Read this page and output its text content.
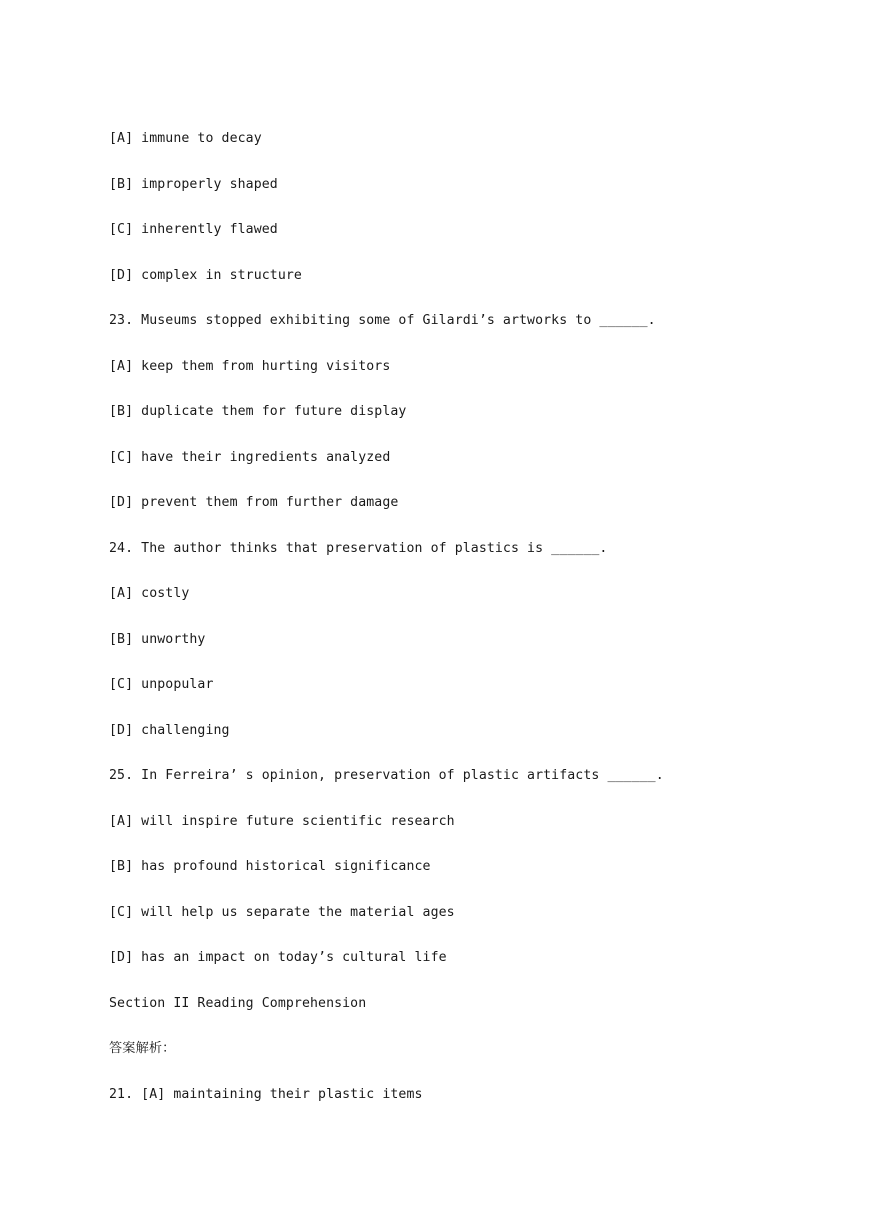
[A] immune to decay
[B] improperly shaped
[C] inherently flawed
[D] complex in structure
23. Museums stopped exhibiting some of Gilardi’s artworks to ______.
[A] keep them from hurting visitors
[B] duplicate them for future display
[C] have their ingredients analyzed
[D] prevent them from further damage
24. The author thinks that preservation of plastics is ______.
[A] costly
[B] unworthy
[C] unpopular
[D] challenging
25. In Ferreira’ s opinion, preservation of plastic artifacts ______.
[A] will inspire future scientific research
[B] has profound historical significance
[C] will help us separate the material ages
[D] has an impact on today’s cultural life
Section II Reading Comprehension
答案解析：
21. [A] maintaining their plastic items
